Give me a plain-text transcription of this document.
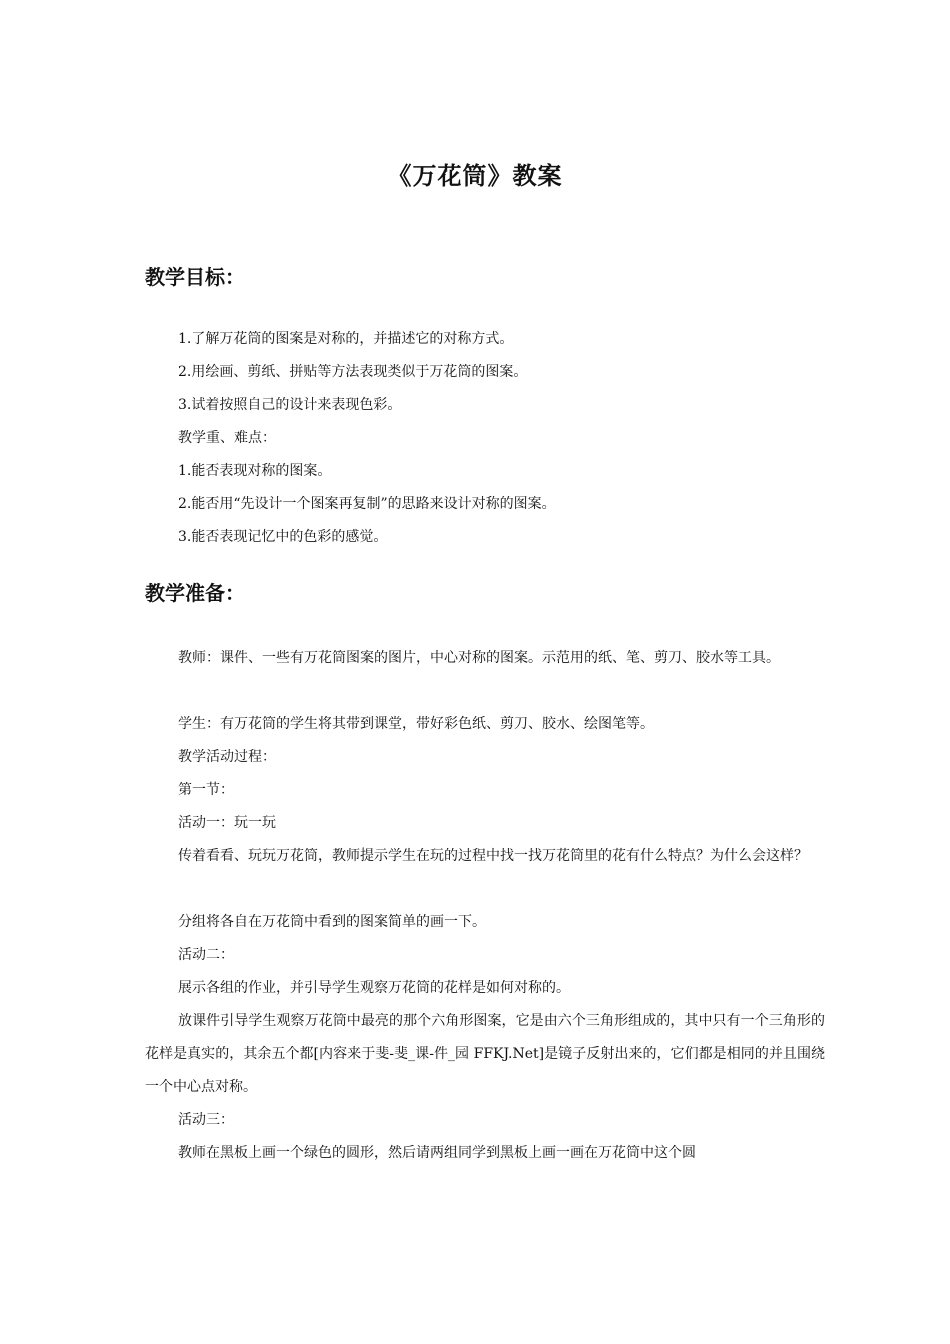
《万花筒》教案
教学目标：
1.了解万花筒的图案是对称的，并描述它的对称方式。
2.用绘画、剪纸、拼贴等方法表现类似于万花筒的图案。
3.试着按照自己的设计来表现色彩。
教学重、难点：
1.能否表现对称的图案。
2.能否用“先设计一个图案再复制”的思路来设计对称的图案。
3.能否表现记忆中的色彩的感觉。
教学准备：
教师：课件、一些有万花筒图案的图片，中心对称的图案。示范用的纸、笔、剪刀、胶水等工具。
学生：有万花筒的学生将其带到课堂，带好彩色纸、剪刀、胶水、绘图笔等。
教学活动过程：
第一节：
活动一：玩一玩
传着看看、玩玩万花筒，教师提示学生在玩的过程中找一找万花筒里的花有什么特点？为什么会这样？
分组将各自在万花筒中看到的图案简单的画一下。
活动二：
展示各组的作业，并引导学生观察万花筒的花样是如何对称的。
放课件引导学生观察万花筒中最亮的那个六角形图案，它是由六个三角形组成的，其中只有一个三角形的花样是真实的，其余五个都[内容来于斐-斐_课-件_园 FFKJ.Net]是镜子反射出来的，它们都是相同的并且围绕一个中心点对称。
活动三：
教师在黑板上画一个绿色的圆形，然后请两组同学到黑板上画一画在万花筒中这个圆
